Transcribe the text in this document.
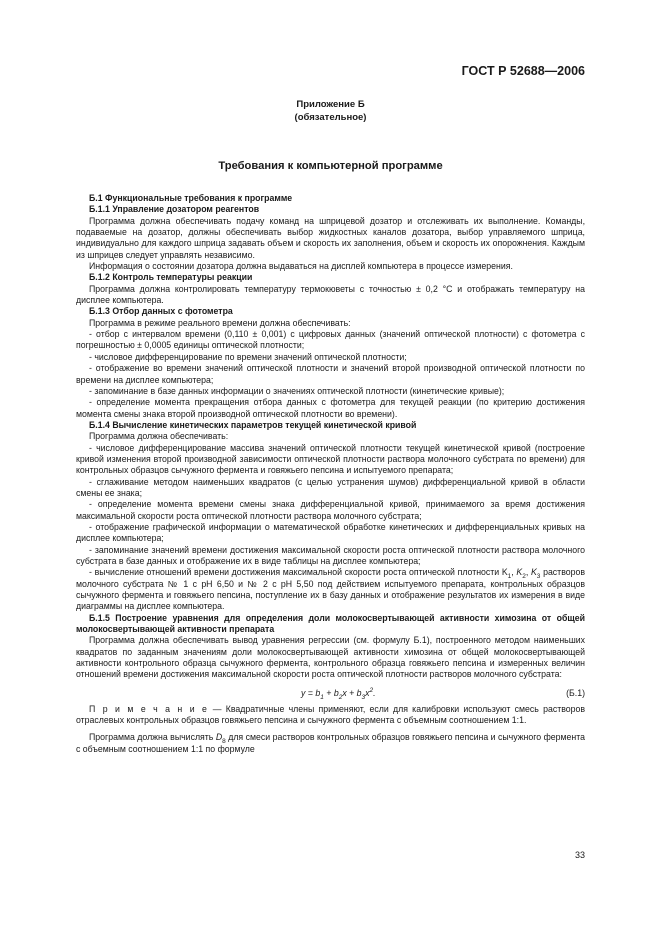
ГОСТ Р 52688—2006
Приложение Б
(обязательное)
Требования к компьютерной программе

Б.1 Функциональные требования к программе

Б.1.1 Управление дозатором реагентов

Программа должна обеспечивать подачу команд на шприцевой дозатор и отслеживать их выполнение. Команды, подаваемые на дозатор, должны обеспечивать выбор жидкостных каналов дозатора, выбор управляемого шприца, индивидуально для каждого шприца задавать объем и скорость их заполнения, объем и скорость их опорожнения. Каждым из шприцев следует управлять независимо.

Информация о состоянии дозатора должна выдаваться на дисплей компьютера в процессе измерения.

Б.1.2 Контроль температуры реакции

Программа должна контролировать температуру термокюветы с точностью ± 0,2 °С и отображать температуру на дисплее компьютера.

Б.1.3 Отбор данных с фотометра

Программа в режиме реального времени должна обеспечивать:

- отбор с интервалом времени (0,110 ± 0,001) с цифровых данных (значений оптической плотности) с фотометра с погрешностью ± 0,0005 единицы оптической плотности;

- числовое дифференцирование по времени значений оптической плотности;

- отображение во времени значений оптической плотности и значений второй производной оптической плотности по времени на дисплее компьютера;

- запоминание в базе данных информации о значениях оптической плотности (кинетические кривые);

- определение момента прекращения отбора данных с фотометра для текущей реакции (по критерию достижения момента смены знака второй производной оптической плотности во времени).

Б.1.4 Вычисление кинетических параметров текущей кинетической кривой

Программа должна обеспечивать:

- числовое дифференцирование массива значений оптической плотности текущей кинетической кривой (построение кривой изменения второй производной зависимости оптической плотности раствора молочного субстрата по времени) для контрольных образцов сычужного фермента и говяжьего пепсина и испытуемого препарата;

- сглаживание методом наименьших квадратов (с целью устранения шумов) дифференциальной кривой в области смены ее знака;

- определение момента времени смены знака дифференциальной кривой, принимаемого за время достижения максимальной скорости роста оптической плотности раствора молочного субстрата;

- отображение графической информации о математической обработке кинетических и дифференциальных кривых на дисплее компьютера;

- запоминание значений времени достижения максимальной скорости роста оптической плотности раствора молочного субстрата в базе данных и отображение их в виде таблицы на дисплее компьютера;

- вычисление отношений времени достижения максимальной скорости роста оптической плотности $K_1$, $K_2$, $K_3$ растворов молочного субстрата № 1 с pH 6,50 и № 2 с pH 5,50 под действием испытуемого препарата, контрольных образцов сычужного фермента и говяжьего пепсина, поступление их в базу данных и отображение результатов их измерения в виде диаграммы на дисплее компьютера.

Б.1.5 Построение уравнения для определения доли молокосвертывающей активности химозина от общей молокосвертывающей активности препарата

Программа должна обеспечивать вывод уравнения регрессии (см. формулу Б.1), построенного методом наименьших квадратов по заданным значениям доли молокосвертывающей активности химозина от общей молокосвертывающей активности контрольного образца сычужного фермента, контрольного образца говяжьего пепсина и измеренных величин отношений времени достижения максимальной скорости роста оптической плотности растворов молочного субстрата:

$y = b_1 + b_2x + b_3x^2$.	(Б.1)

П р и м е ч а н и е — Квадратичные члены применяют, если для калибровки используют смесь растворов отраслевых контрольных образцов говяжьего пепсина и сычужного фермента с объемным соотношением 1:1.

Программа должна вычислять $D_8$ для смеси растворов контрольных образцов говяжьего пепсина и сычужного фермента с объемным соотношением 1:1 по формуле

33
